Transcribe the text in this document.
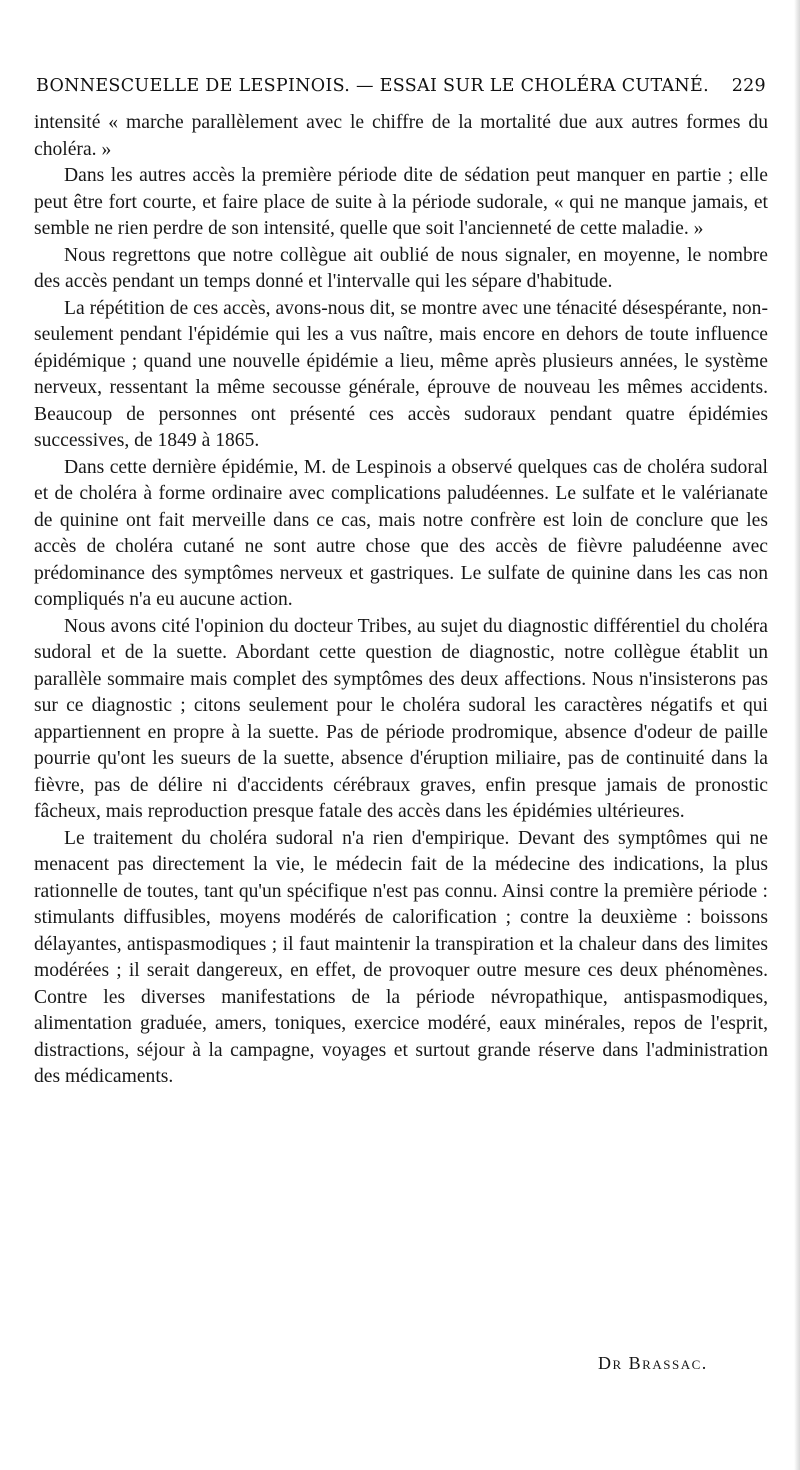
BONNESCUELLE DE LESPINOIS. — ESSAI SUR LE CHOLÉRA CUTANÉ. 229

intensité « marche parallèlement avec le chiffre de la mortalité due aux autres formes du choléra. »

Dans les autres accès la première période dite de sédation peut manquer en partie ; elle peut être fort courte, et faire place de suite à la période sudorale, « qui ne manque jamais, et semble ne rien perdre de son intensité, quelle que soit l'ancienneté de cette maladie. »

Nous regrettons que notre collègue ait oublié de nous signaler, en moyenne, le nombre des accès pendant un temps donné et l'intervalle qui les sépare d'habitude.

La répétition de ces accès, avons-nous dit, se montre avec une ténacité désespérante, non-seulement pendant l'épidémie qui les a vus naître, mais encore en dehors de toute influence épidémique ; quand une nouvelle épidémie a lieu, même après plusieurs années, le système nerveux, ressentant la même secousse générale, éprouve de nouveau les mêmes accidents. Beaucoup de personnes ont présenté ces accès sudoraux pendant quatre épidémies successives, de 1849 à 1865.

Dans cette dernière épidémie, M. de Lespinois a observé quelques cas de choléra sudoral et de choléra à forme ordinaire avec complications paludéennes. Le sulfate et le valérianate de quinine ont fait merveille dans ce cas, mais notre confrère est loin de conclure que les accès de choléra cutané ne sont autre chose que des accès de fièvre paludéenne avec prédominance des symptômes nerveux et gastriques. Le sulfate de quinine dans les cas non compliqués n'a eu aucune action.

Nous avons cité l'opinion du docteur Tribes, au sujet du diagnostic différentiel du choléra sudoral et de la suette. Abordant cette question de diagnostic, notre collègue établit un parallèle sommaire mais complet des symptômes des deux affections. Nous n'insisterons pas sur ce diagnostic ; citons seulement pour le choléra sudoral les caractères négatifs et qui appartiennent en propre à la suette. Pas de période prodromique, absence d'odeur de paille pourrie qu'ont les sueurs de la suette, absence d'éruption miliaire, pas de continuité dans la fièvre, pas de délire ni d'accidents cérébraux graves, enfin presque jamais de pronostic fâcheux, mais reproduction presque fatale des accès dans les épidémies ultérieures.

Le traitement du choléra sudoral n'a rien d'empirique. Devant des symptômes qui ne menacent pas directement la vie, le médecin fait de la médecine des indications, la plus rationnelle de toutes, tant qu'un spécifique n'est pas connu. Ainsi contre la première période : stimulants diffusibles, moyens modérés de calorification ; contre la deuxième : boissons délayantes, antispasmodiques ; il faut maintenir la transpiration et la chaleur dans des limites modérées ; il serait dangereux, en effet, de provoquer outre mesure ces deux phénomènes. Contre les diverses manifestations de la période névropathique, antispasmodiques, alimentation graduée, amers, toniques, exercice modéré, eaux minérales, repos de l'esprit, distractions, séjour à la campagne, voyages et surtout grande réserve dans l'administration des médicaments.

Dr Brassac.
